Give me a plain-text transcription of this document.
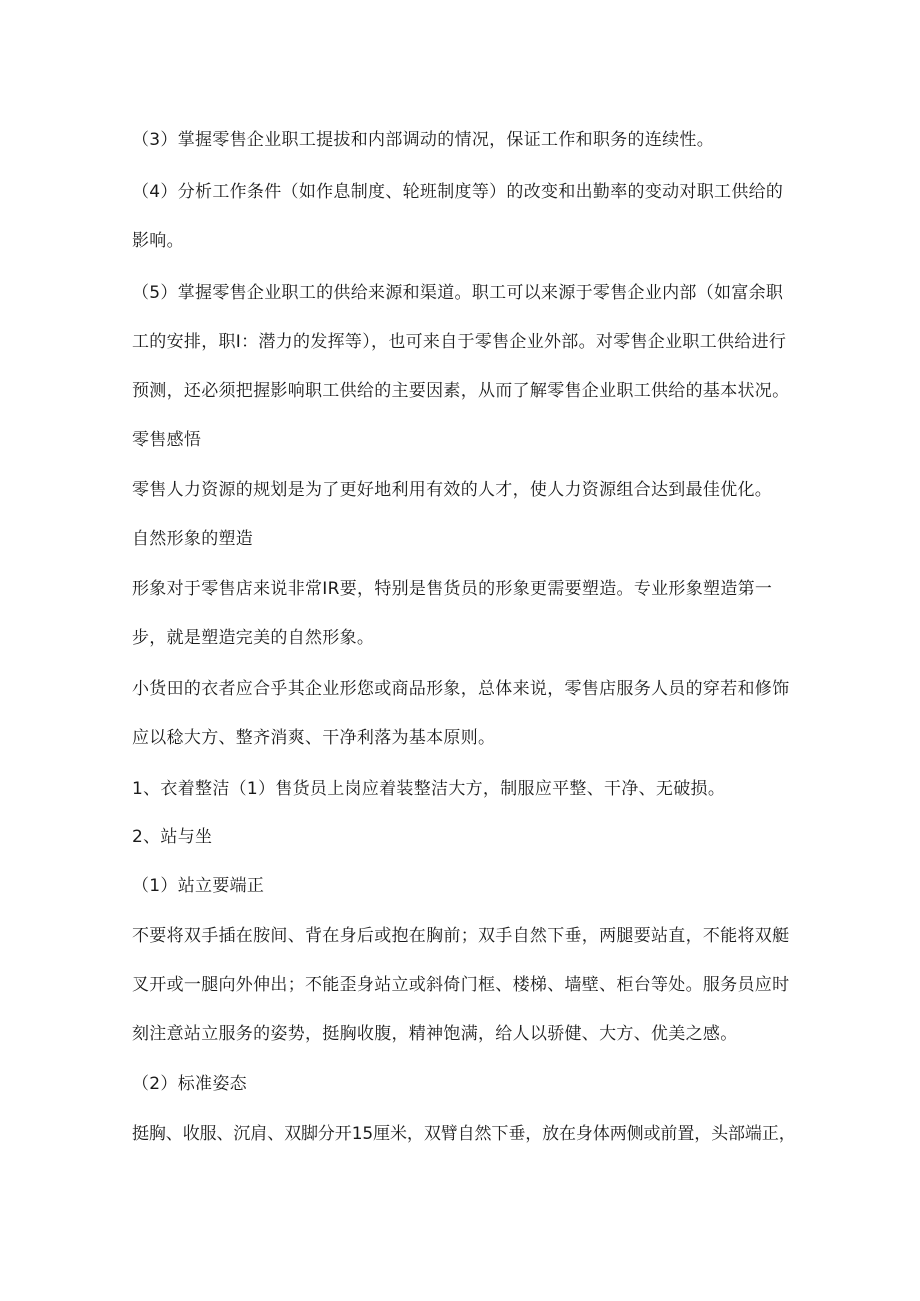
（3）掌握零售企业职工提拔和内部调动的情况，保证工作和职务的连续性。
（4）分析工作条件（如作息制度、轮班制度等）的改变和出勤率的变动对职工供给的
影响。
（5）掌握零售企业职工的供给来源和渠道。职工可以来源于零售企业内部（如富余职
工的安排，职I：潜力的发挥等），也可来自于零售企业外部。对零售企业职工供给进行
预测，还必须把握影响职工供给的主要因素，从而了解零售企业职工供给的基本状况。
零售感悟
零售人力资源的规划是为了更好地利用有效的人才，使人力资源组合达到最佳优化。
自然形象的塑造
形象对于零售店来说非常IR要，特别是售货员的形象更需要塑造。专业形象塑造第一
步，就是塑造完美的自然形象。
小货田的衣者应合乎其企业形您或商品形象，总体来说，零售店服务人员的穿若和修饰
应以稔大方、整齐消爽、干净利落为基本原则。
1、衣着整洁（1）售货员上岗应着装整洁大方，制服应平整、干净、无破损。
2、站与坐
（1）站立要端正
不要将双手插在胺间、背在身后或抱在胸前；双手自然下垂，两腿要站直，不能将双艇
叉开或一腿向外伸出；不能歪身站立或斜倚门框、楼梯、墙壁、柜台等处。服务员应时
刻注意站立服务的姿势，挺胸收腹，精神饱满，给人以骄健、大方、优美之感。
（2）标准姿态
挺胸、收服、沉肩、双脚分开15厘米，双臂自然下垂，放在身体两侧或前置，头部端正，
